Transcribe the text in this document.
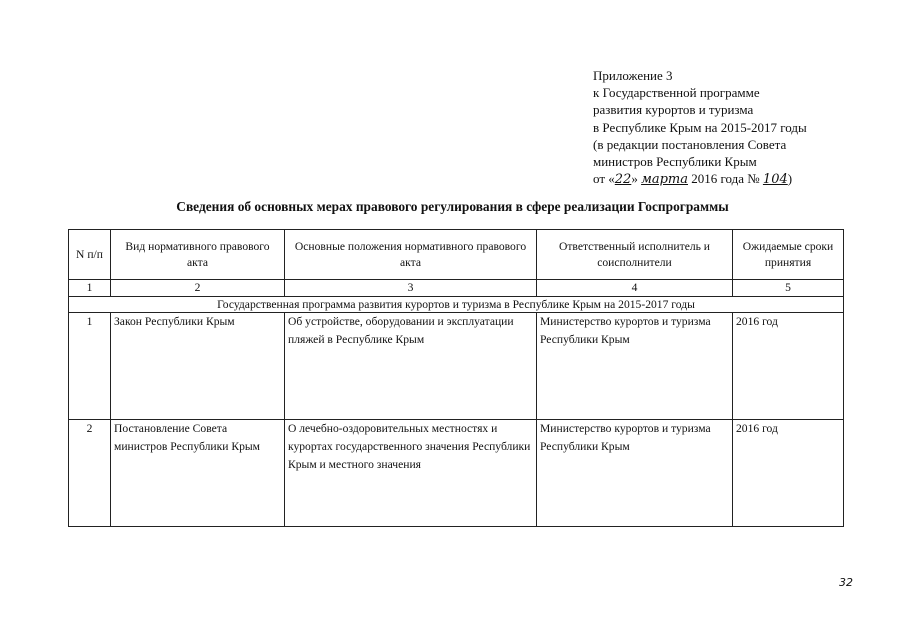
Приложение 3
к Государственной программе
развития курортов и туризма
в Республике Крым на 2015-2017 годы
(в редакции постановления Совета
министров Республики Крым
от «22» марта 2016 года № 104)
Сведения об основных мерах правового регулирования в сфере реализации Госпрограммы
N п/п	Вид нормативного правового акта	Основные положения нормативного правового акта	Ответственный исполнитель и соисполнители	Ожидаемые сроки принятия
1	2	3	4	5
Государственная программа развития курортов и туризма в Республике Крым на 2015-2017 годы				
1	Закон Республики Крым	Об устройстве, оборудовании и эксплуатации пляжей в Республике Крым	Министерство курортов и туризма Республики Крым	2016 год
2	Постановление Совета министров Республики Крым	О лечебно-оздоровительных местностях и курортах государственного значения Республики Крым и местного значения	Министерство курортов и туризма Республики Крым	2016 год
32
